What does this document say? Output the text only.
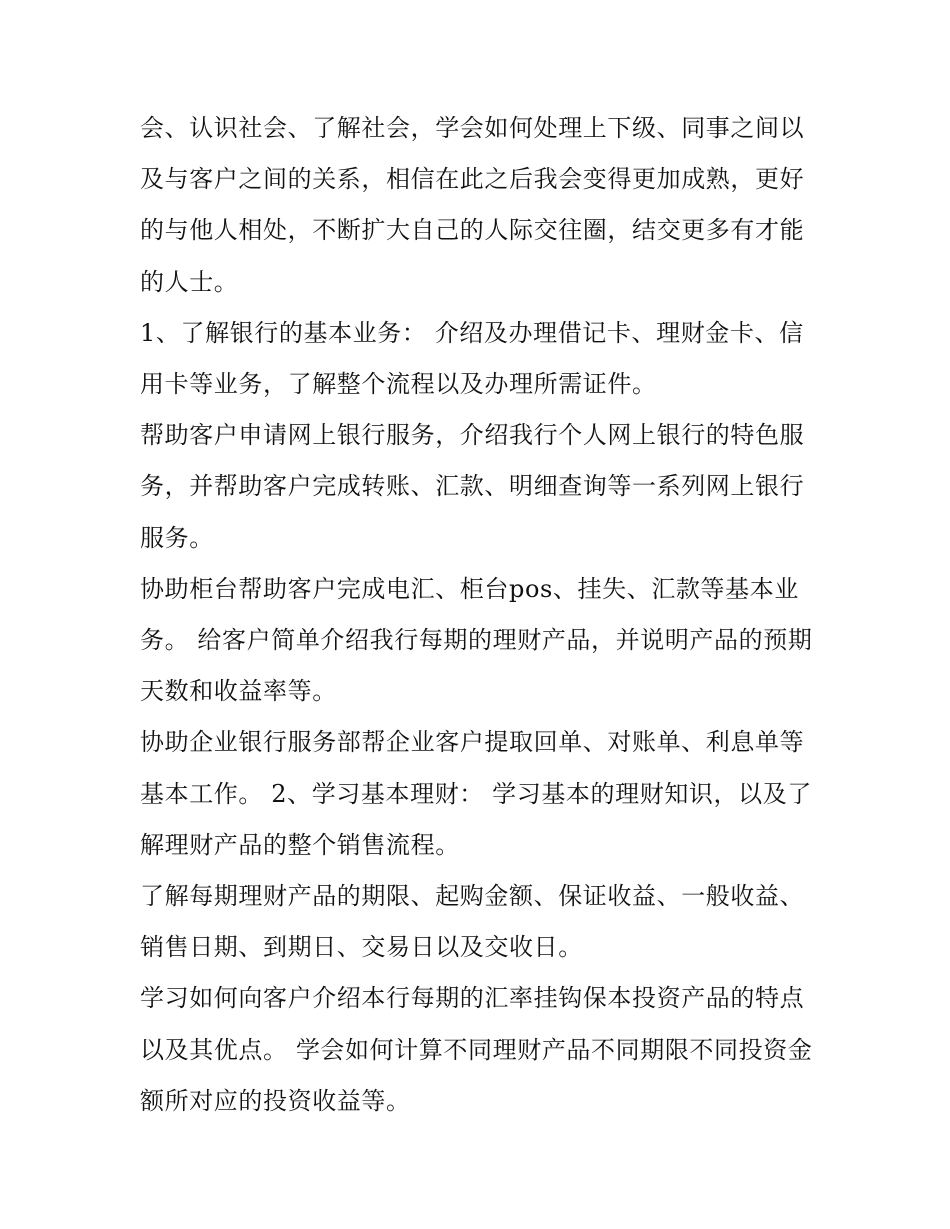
会、认识社会、了解社会，学会如何处理上下级、同事之间以及与客户之间的关系，相信在此之后我会变得更加成熟，更好的与他人相处，不断扩大自己的人际交往圈，结交更多有才能的人士。

1、了解银行的基本业务： 介绍及办理借记卡、理财金卡、信用卡等业务，了解整个流程以及办理所需证件。

帮助客户申请网上银行服务，介绍我行个人网上银行的特色服务，并帮助客户完成转账、汇款、明细查询等一系列网上银行服务。

协助柜台帮助客户完成电汇、柜台pos、挂失、汇款等基本业务。 给客户简单介绍我行每期的理财产品，并说明产品的预期天数和收益率等。

协助企业银行服务部帮企业客户提取回单、对账单、利息单等基本工作。 2、学习基本理财： 学习基本的理财知识，以及了解理财产品的整个销售流程。

了解每期理财产品的期限、起购金额、保证收益、一般收益、销售日期、到期日、交易日以及交收日。

学习如何向客户介绍本行每期的汇率挂钩保本投资产品的特点以及其优点。 学会如何计算不同理财产品不同期限不同投资金额所对应的投资收益等。
